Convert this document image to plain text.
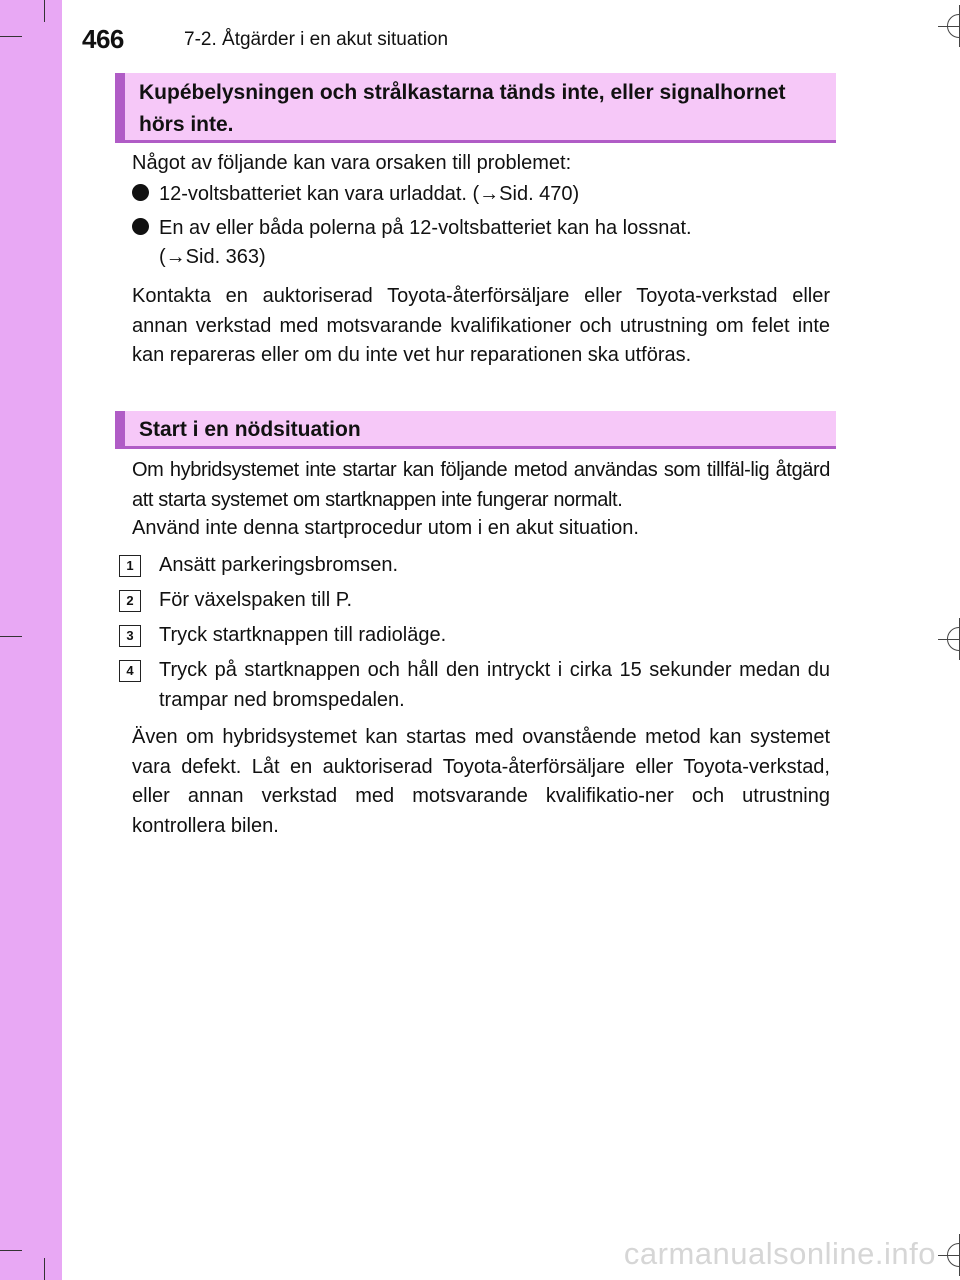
466	7-2. Åtgärder i en akut situation
Kupébelysningen och strålkastarna tänds inte, eller signalhornet hörs inte.
Något av följande kan vara orsaken till problemet:
12-voltsbatteriet kan vara urladdat. (→Sid. 470)
En av eller båda polerna på 12-voltsbatteriet kan ha lossnat.
(→Sid. 363)
Kontakta en auktoriserad Toyota-återförsäljare eller Toyota-verkstad eller annan verkstad med motsvarande kvalifikationer och utrustning om felet inte kan repareras eller om du inte vet hur reparationen ska utföras.
Start i en nödsituation
Om hybridsystemet inte startar kan följande metod användas som tillfäl-lig åtgärd att starta systemet om startknappen inte fungerar normalt.
Använd inte denna startprocedur utom i en akut situation.
1	Ansätt parkeringsbromsen.
2	För växelspaken till P.
3	Tryck startknappen till radioläge.
4	Tryck på startknappen och håll den intryckt i cirka 15 sekunder medan du trampar ned bromspedalen.
Även om hybridsystemet kan startas med ovanstående metod kan systemet vara defekt. Låt en auktoriserad Toyota-återförsäljare eller Toyota-verkstad, eller annan verkstad med motsvarande kvalifikatio-ner och utrustning kontrollera bilen.
carmanualsonline.info
